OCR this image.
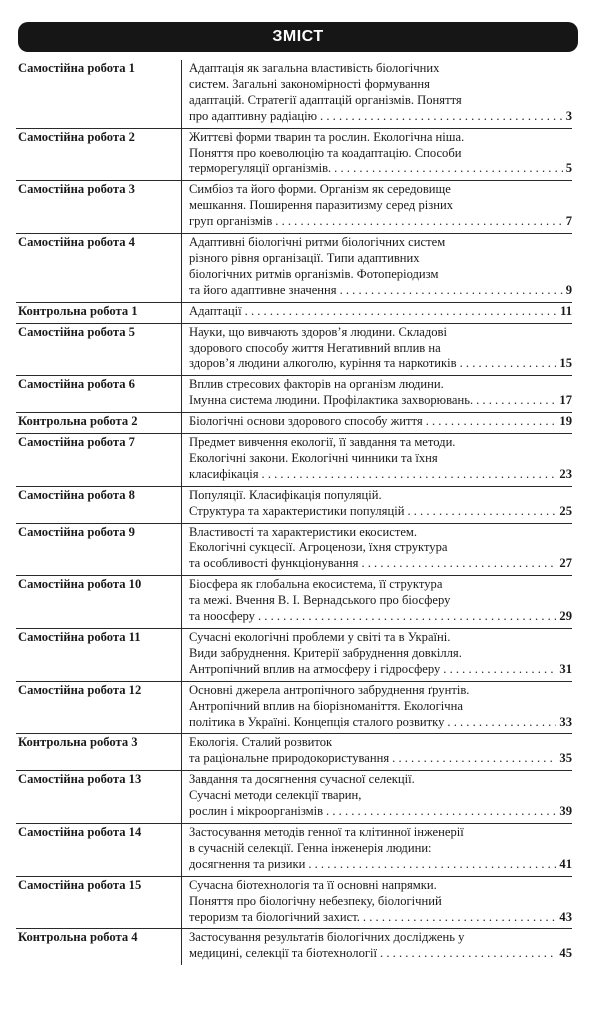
ЗМІСТ
Самостійна робота 1	Адаптація як загальна властивість біологічних
систем. Загальні закономірності формування
адаптацій. Стратегії адаптацій організмів. Поняття
про адаптивну радіацію . . . 3

Самостійна робота 2	Життєві форми тварин та рослин. Екологічна ніша.
Поняття про коеволюцію та коадаптацію. Способи
терморегуляції організмів. . . . 5

Самостійна робота 3	Симбіоз та його форми. Організм як середовище
мешкання. Поширення паразитизму серед різних
груп організмів . . . 7

Самостійна робота 4	Адаптивні біологічні ритми біологічних систем
різного рівня організації. Типи адаптивних
біологічних ритмів організмів. Фотоперіодизм
та його адаптивне значення . . . 9

Контрольна робота 1	Адаптації . . . 11

Самостійна робота 5	Науки, що вивчають здоров’я людини. Складові
здорового способу життя Негативний вплив на
здоров’я людини алкоголю, куріння та наркотиків . . . 15

Самостійна робота 6	Вплив стресових факторів на організм людини.
Імунна система людини. Профілактика захворювань. . . . 17

Контрольна робота 2	Біологічні основи здорового способу життя . . . 19

Самостійна робота 7	Предмет вивчення екології, її завдання та методи.
Екологічні закони. Екологічні чинники та їхня
класифікація . . . 23

Самостійна робота 8	Популяції. Класифікація популяцій.
Структура та характеристики популяцій . . . 25

Самостійна робота 9	Властивості та характеристики екосистем.
Екологічні сукцесії. Агроценози, їхня структура
та особливості функціонування . . . 27

Самостійна робота 10	Біосфера як глобальна екосистема, її структура
та межі. Вчення В. І. Вернадського про біосферу
та ноосферу . . . 29

Самостійна робота 11	Сучасні екологічні проблеми у світі та в Україні.
Види забруднення. Критерії забруднення довкілля.
Антропічний вплив на атмосферу і гідросферу . . . 31

Самостійна робота 12	Основні джерела антропічного забруднення ґрунтів.
Антропічний вплив на біорізноманіття. Екологічна
політика в Україні. Концепція сталого розвитку . . . 33

Контрольна робота 3	Екологія. Сталий розвиток
та раціональне природокористування . . . 35

Самостійна робота 13	Завдання та досягнення сучасної селекції.
Сучасні методи селекції тварин,
рослин і мікроорганізмів . . . 39

Самостійна робота 14	Застосування методів генної та клітинної інженерії
в сучасній селекції. Генна інженерія людини:
досягнення та ризики . . . 41

Самостійна робота 15	Сучасна біотехнологія та її основні напрямки.
Поняття про біологічну небезпеку, біологічний
тероризм та біологічний захист. . . . 43

Контрольна робота 4	Застосування результатів біологічних досліджень у
медицині, селекції та біотехнології . . . 45
